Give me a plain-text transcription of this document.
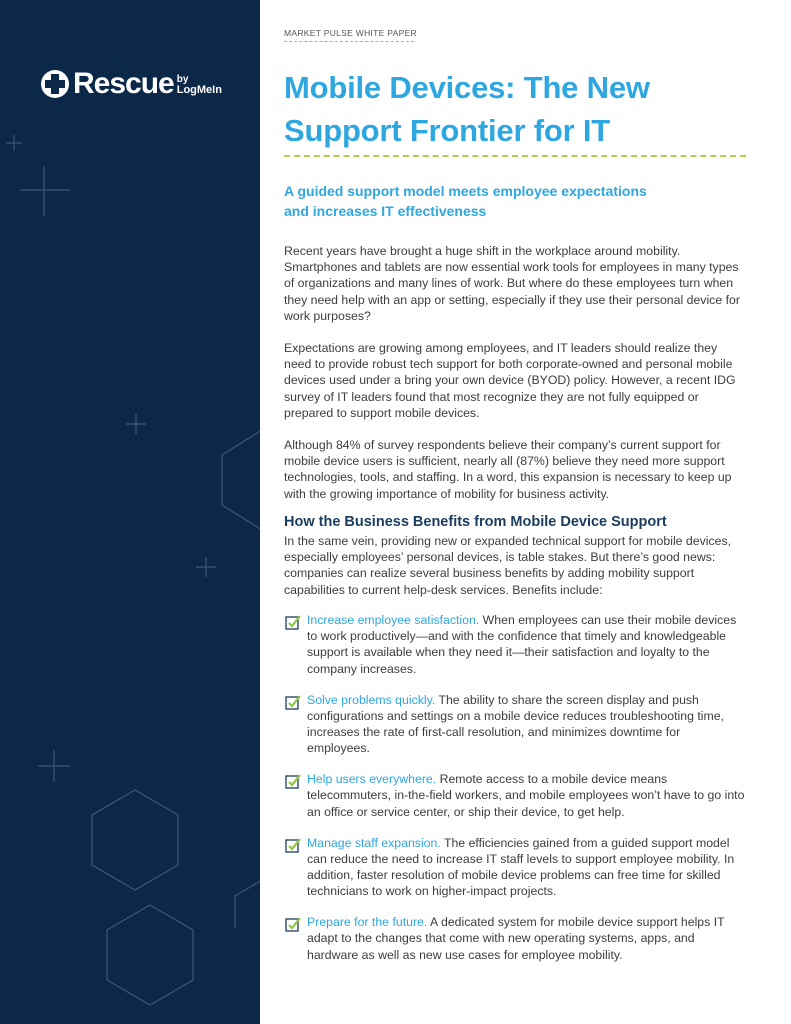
Rescue by
LogMeIn
MARKET PULSE WHITE PAPER
Mobile Devices: The New Support Frontier for IT
A guided support model meets employee expectations and increases IT effectiveness

Recent years have brought a huge shift in the workplace around mobility. Smartphones and tablets are now essential work tools for employees in many types of organizations and many lines of work. But where do these employees turn when they need help with an app or setting, especially if they use their personal device for work purposes?

Expectations are growing among employees, and IT leaders should realize they need to provide robust tech support for both corporate-owned and personal mobile devices used under a bring your own device (BYOD) policy. However, a recent IDG survey of IT leaders found that most recognize they are not fully equipped or prepared to support mobile devices.

Although 84% of survey respondents believe their company’s current support for mobile device users is sufficient, nearly all (87%) believe they need more support technologies, tools, and staffing. In a word, this expansion is necessary to keep up with the growing importance of mobility for business activity.

How the Business Benefits from Mobile Device Support

In the same vein, providing new or expanded technical support for mobile devices, especially employees’ personal devices, is table stakes. But there’s good news: companies can realize several business benefits by adding mobility support capabilities to current help-desk services. Benefits include:

Increase employee satisfaction. When employees can use their mobile devices to work productively—and with the confidence that timely and knowledgeable support is available when they need it—their satisfaction and loyalty to the company increases.
Solve problems quickly. The ability to share the screen display and push configurations and settings on a mobile device reduces troubleshooting time, increases the rate of first-call resolution, and minimizes downtime for employees.
Help users everywhere. Remote access to a mobile device means telecommuters, in-the-field workers, and mobile employees won’t have to go into an office or service center, or ship their device, to get help.
Manage staff expansion. The efficiencies gained from a guided support model can reduce the need to increase IT staff levels to support employee mobility. In addition, faster resolution of mobile device problems can free time for skilled technicians to work on higher-impact projects.
Prepare for the future. A dedicated system for mobile device support helps IT adapt to the changes that come with new operating systems, apps, and hardware as well as new use cases for employee mobility.
